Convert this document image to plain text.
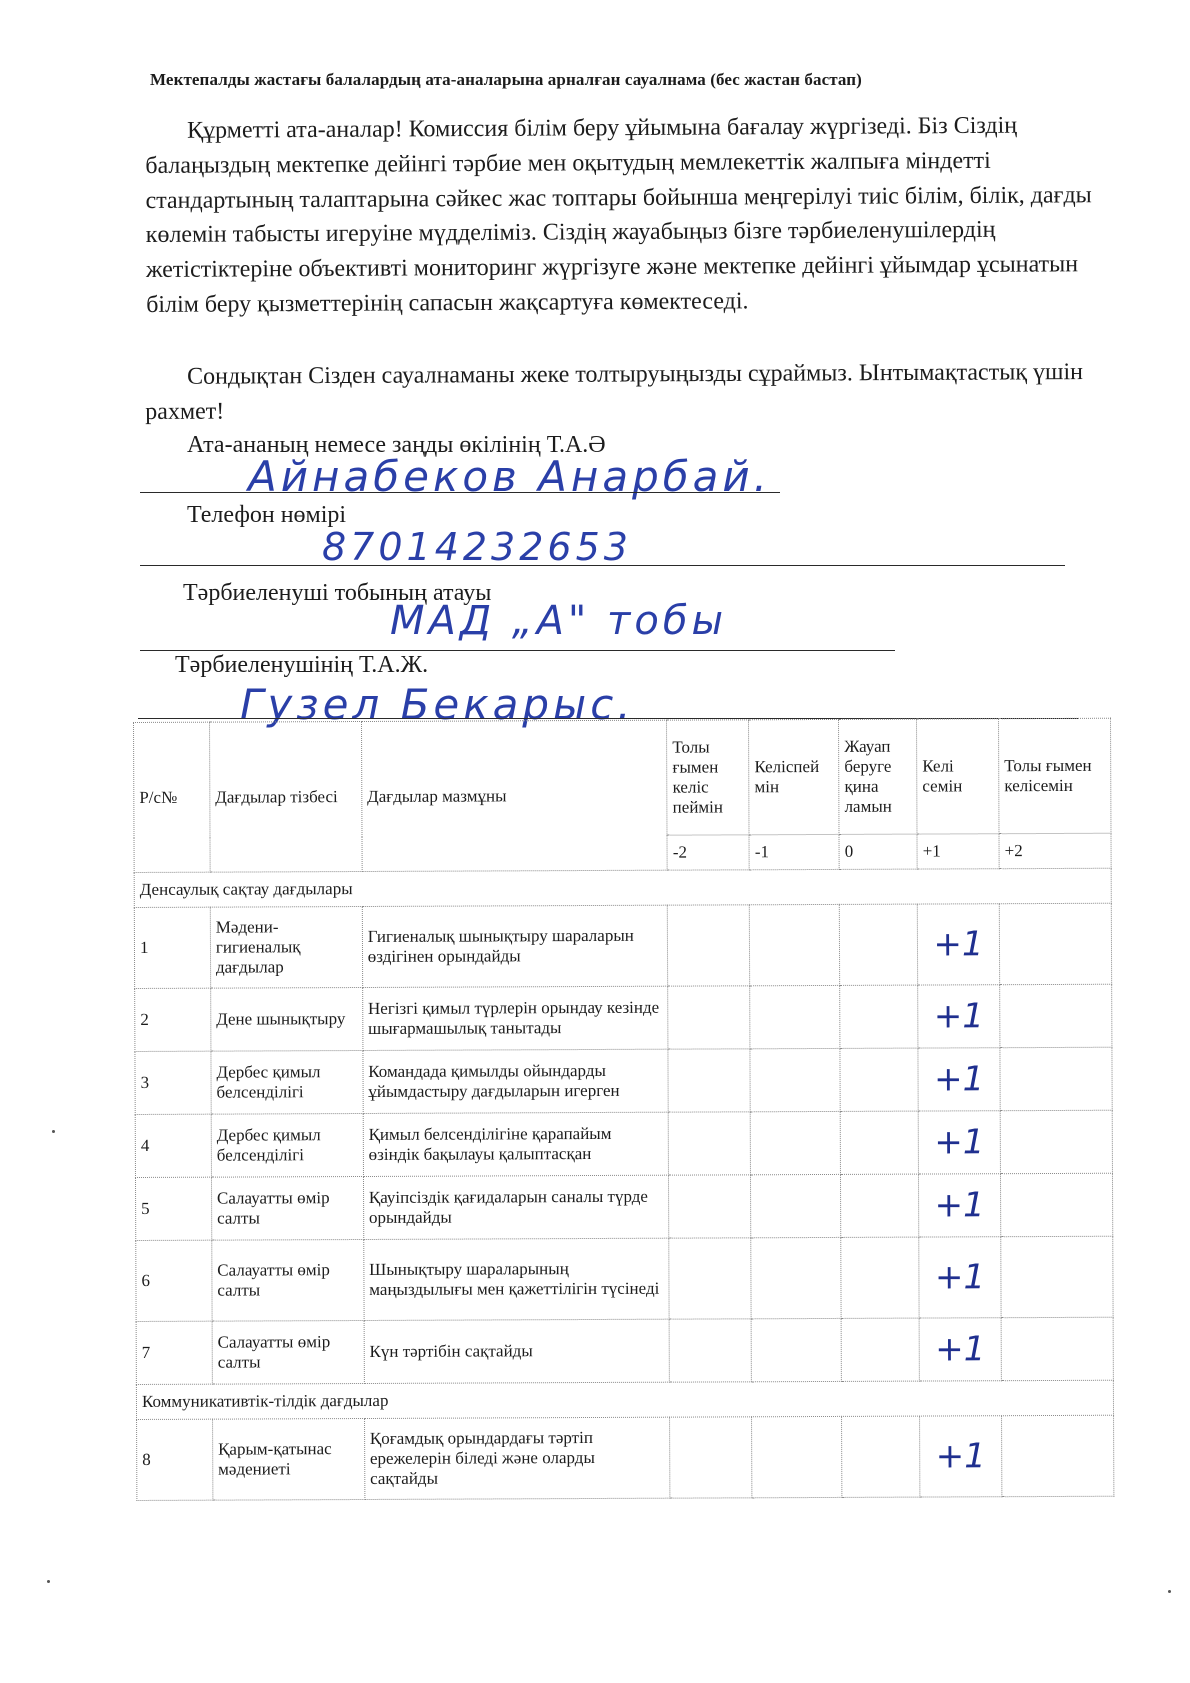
Мектепалды жастағы балалардың ата-аналарына арналған сауалнама (бес жастан бастап)
Құрметті ата-аналар! Комиссия білім беру ұйымына бағалау жүргізеді. Біз Сіздің балаңыздың мектепке дейінгі тәрбие мен оқытудың мемлекеттік жалпыға міндетті стандартының талаптарына сәйкес жас топтары бойынша меңгерілуі тиіс білім, білік, дағды көлемін табысты игеруіне мүдделіміз. Сіздің жауабыңыз бізге тәрбиеленушілердің жетістіктеріне объективті мониторинг жүргізуге және мектепке дейінгі ұйымдар ұсынатын білім беру қызметтерінің сапасын жақсартуға көмектеседі.
Сондықтан Сізден сауалнаманы жеке толтыруыңызды сұраймыз. Ынтымақтастық үшін рахмет!
Ата-ананың немесе заңды өкілінің Т.А.Ә
Айнабеков Анарбай.
Телефон нөмірі
87014232653
Тәрбиеленуші тобының атауы
МАД „А" тобы
Тәрбиеленушінің Т.А.Ж.
Гузел Бекарыс.
Р/с№	Дағдылар тізбесі	Дағдылар мазмұны	Толы ғымен келіс пеймін	Келіспей мін	Жауап беруге қина ламын	Келі семін	Толы ғымен келісемін
			-2	-1	0	+1	+2
Денсаулық сақтау дағдылары							
1	Мәдени-гигиеналық дағдылар	Гигиеналық шынықтыру шараларын өздігінен орындайды				+1	
2	Дене шынықтыру	Негізгі қимыл түрлерін орындау кезінде шығармашылық танытады				+1	
3	Дербес қимыл белсенділігі	Командада қимылды ойындарды ұйымдастыру дағдыларын игерген				+1	
4	Дербес қимыл белсенділігі	Қимыл белсенділігіне қарапайым өзіндік бақылауы қалыптасқан				+1	
5	Салауатты өмір салты	Қауіпсіздік қағидаларын саналы түрде орындайды				+1	
6	Салауатты өмір салты	Шынықтыру шараларының маңыздылығы мен қажеттілігін түсінеді				+1	
7	Салауатты өмір салты	Күн тәртібін сақтайды				+1	
Коммуникативтік-тілдік дағдылар							
8	Қарым-қатынас мәдениеті	Қоғамдық орындардағы тәртіп ережелерін біледі және оларды сақтайды				+1	
